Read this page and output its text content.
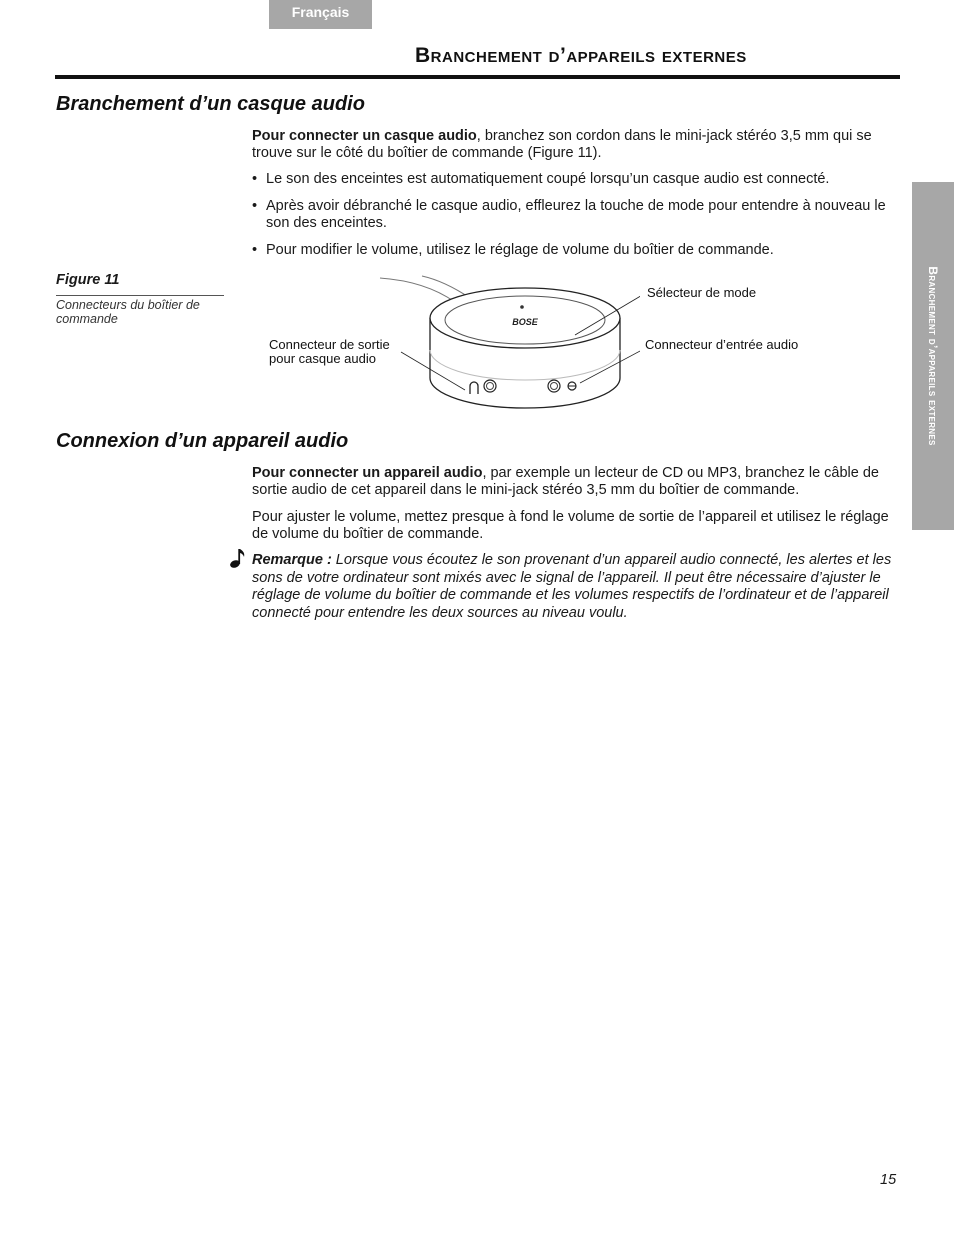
Français
Branchement d’appareils externes
Branchement d’appareils externes
Branchement d’un casque audio

Pour connecter un casque audio, branchez son cordon dans le mini-jack stéréo 3,5 mm qui se trouve sur le côté du boîtier de commande (Figure 11).

• Le son des enceintes est automatiquement coupé lorsqu’un casque audio est connecté.

• Après avoir débranché le casque audio, effleurez la touche de mode pour entendre à nouveau le son des enceintes.

• Pour modifier le volume, utilisez le réglage de volume du boîtier de commande.

Figure 11
Connecteurs du boîtier de commande	BOSE
Sélecteur de mode
Connecteur de sortie pour casque audio
Connecteur d’entrée audio
Connexion d’un appareil audio

Pour connecter un appareil audio, par exemple un lecteur de CD ou MP3, branchez le câble de sortie audio de cet appareil dans le mini-jack stéréo 3,5 mm du boîtier de commande.

Pour ajuster le volume, mettez presque à fond le volume de sortie de l’appareil et utilisez le réglage de volume du boîtier de commande.

Remarque : Lorsque vous écoutez le son provenant d’un appareil audio connecté, les alertes et les sons de votre ordinateur sont mixés avec le signal de l’appareil. Il peut être nécessaire d’ajuster le réglage de volume du boîtier de commande et les volumes respectifs de l’ordinateur et de l’appareil connecté pour entendre les deux sources au niveau voulu.

15
